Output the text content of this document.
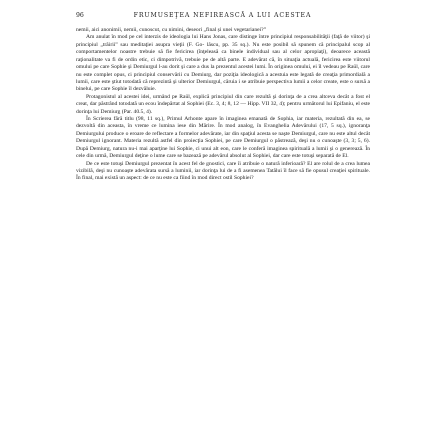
96	FRUMUSEŢEA NEFIREASCĂ A LUI ACESTEA

nemii, aici anonimii, nemii, cunoscut, cu nimini, deseori „final și unei vegetarianei?”

Am anulat în mod pe cel interzis de ideologia lui Hans Jonas, care distinge între principiul responsabilităţii (faţă de viitor) şi principiul „trăirii” sau meditaţiei asupra vieţii (F. Go- lăscu, pp. 35 sq.). Nu este posibil să spunem că principalul scop al comportamentelor noastre trebuie să fie fericirea (înţeleasă ca binele individual sau al celor apropiaţi), deoarece această raţionalitate va fi de ordin etic, ci dimpotrivă, trebuie pe de altă parte. E adevărat că, în situaţia actuală, fericirea este viitorul omului pe care Sophie şi Demiurgul l-au dorit şi care a dus la prezentul acestei lumi. În originea omului, ei îl vedeau pe Raül, care nu este complet opus, ci principiul conservării cu Demiurg, dar poziţia ideologică a acestuia este legată de creaţia primordială a lumii, care este ştiut totodată că reprezintă şi ulterior Demiurgul, căruia i se atribuie perspectiva lumii a celor create, este o sursă a binelui, pe care Sophie îl dezvăluie.

Protagonistul al acestei idei, urmând pe Raül, explică principiul din care rezultă şi dorinţa de a crea altceva decât a fost el creat, dar păstrând totodată un ecou îndepărtat al Sophiei (Ec. 3, 4; 8, 12 — Hipp. VII 32, 4); pentru următorul lui Epifaniu, el este dorinţa lui Demiurg (Par. 40.5, 4).

În Scrierea fără titlu (98, 11 sq.), Primul Arhonte apare în imaginea emanată de Sophia, iar materia, rezultată din ea, se dezvoltă din aceasta, în vreme ce lumina iese din Mărire. În mod analog, în Evanghelia Adevărului (17, 5 sq.), ignoranţa Demiurgului produce o eroare de reflectare a formelor adevărate, iar din spaţiul acesta se naşte Demiurgul, care nu este altul decât Demiurgul ignorant. Materia rezultă astfel din proiecţia Sophiei, pe care Demiurgul o păstrează, deşi nu o cunoaşte (3, 3; 5, 6). După Demiurg, natura nu-i mai aparţine lui Sophie, ci unui alt eon, care le conferă imaginea spirituală a lumii şi o generează. În cele din urmă, Demiurgul deţine o lume care se bazează pe adevărul absolut al Sophiei, dar care este totuşi separată de El.

De ce este totuşi Demiurgul prezentat în acest fel de gnostici, care îi atribuie o natură inferioară? El are rolul de a crea lumea vizibilă, deşi nu cunoaşte adevărata sursă a luminii, iar dorinţa lui de a fi asemenea Tatălui îl face să fie opusul creaţiei spirituale. În final, mai există un aspect: de ce nu este ca fiind în mod direct ostil Sophiei?
